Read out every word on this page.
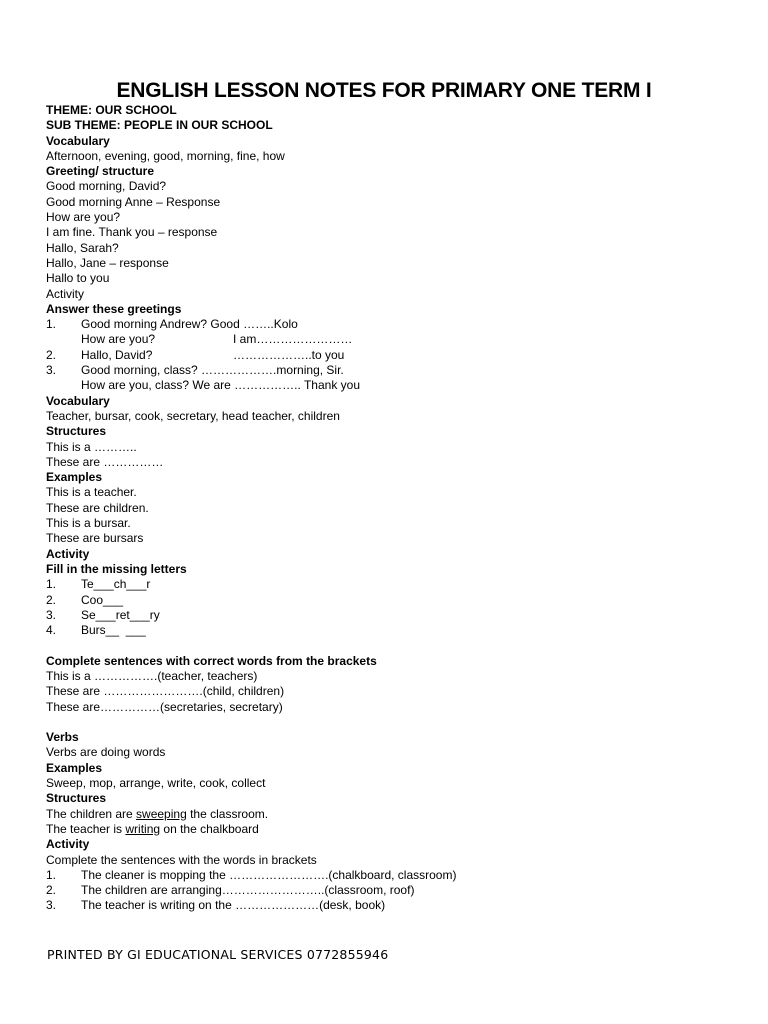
ENGLISH LESSON NOTES FOR PRIMARY ONE TERM I
THEME: OUR SCHOOL
SUB THEME: PEOPLE IN OUR SCHOOL
Vocabulary
Afternoon, evening, good, morning, fine, how
Greeting/ structure
Good morning, David?
Good morning Anne – Response
How are you?
I am fine. Thank you – response
Hallo, Sarah?
Hallo, Jane – response
Hallo to you
Activity
Answer these greetings
1. Good morning Andrew? Good ……..Kolo
How are you?	I am……………………
2. Hallo, David?	………………..to you
3. Good morning, class? ……………….morning, Sir.
How are you, class? We are …………….. Thank you
Vocabulary
Teacher, bursar, cook, secretary, head teacher, children
Structures
This is a ………..
These are ……………
Examples
This is a teacher.
These are children.
This is a bursar.
These are bursars
Activity
Fill in the missing letters
1. Te___ch___r
2. Coo___
3. Se___ret___ry
4. Burs__  ___
Complete sentences with correct words from the brackets
This is a …………….(teacher, teachers)
These are …………………….(child, children)
These are……………(secretaries, secretary)
Verbs
Verbs are doing words
Examples
Sweep, mop, arrange, write, cook, collect
Structures
The children are sweeping the classroom.
The teacher is writing on the chalkboard
Activity
Complete the sentences with the words in brackets
1. The cleaner is mopping the …………………….(chalkboard, classroom)
2. The children are arranging……………………..(classroom, roof)
3. The teacher is writing on the …………………(desk, book)
PRINTED BY GI EDUCATIONAL SERVICES 0772855946
